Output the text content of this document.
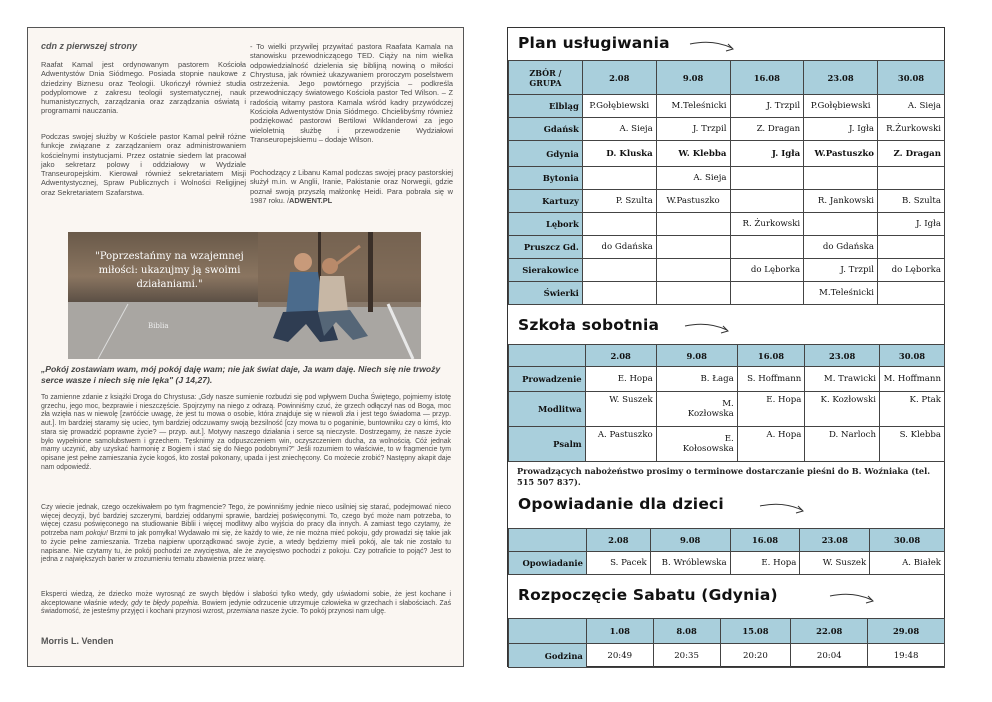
cdn z pierwszej strony
Raafat Kamal jest ordynowanym pastorem Kościoła Adwentystów Dnia Siódmego. Posiada stopnie naukowe z dziedziny Biznesu oraz Teologii. Ukończył również studia podyplomowe z zakresu teologii systematycznej, nauk humanistycznych, zarządzania oraz zarządzania oświatą i programami nauczania.
Podczas swojej służby w Kościele pastor Kamal pełnił różne funkcje związane z zarządzaniem oraz administrowaniem kościelnymi instytucjami. Przez ostatnie siedem lat pracował jako sekretarz polowy i oddziałowy w Wydziale Transeuropejskim. Kierował również sekretariatem Misji Adwentystycznej, Spraw Publicznych i Wolności Religijnej oraz Sekretariatem Szafarstwa.
- To wielki przywilej przywitać pastora Raafata Kamala na stanowisku przewodniczącego TED. Ciąży na nim wielka odpowiedzialność dzielenia się biblijną nowiną o miłości Chrystusa, jak również ukazywaniem proroczym poselstwem ostrzeżenia. Jego powtórnego przyjścia – podkreśla przewodniczący światowego Kościoła pastor Ted Wilson. – Z radością witamy pastora Kamala wśród kadry przywódczej Kościoła Adwentystów Dnia Siódmego. Chcielibyśmy również podziękować pastorowi Bertilowi Wiklanderowi za jego wieloletnią służbę i przewodzenie Wydziałowi Transeuropejskiemu – dodaje Wilson.
Pochodzący z Libanu Kamal podczas swojej pracy pastorskiej służył m.in. w Anglii, Iranie, Pakistanie oraz Norwegii, gdzie poznał swoją przyszłą małżonkę Heidi. Para pobrała się w 1987 roku. /ADWENT.PL
"Poprzestańmy na wzajemnej miłości: ukazujmy ją swoimi działaniami."
Biblia
„Pokój zostawiam wam, mój pokój daję wam; nie jak świat daje, Ja wam daję. Niech się nie trwoży serce wasze i niech się nie lęka" (J 14,27).
To zamienne zdanie z książki Droga do Chrystusa: „Gdy nasze sumienie rozbudzi się pod wpływem Ducha Świętego, pojmiemy istotę grzechu, jego moc, bezprawie i nieszczęście. Spojrzymy na niego z odrazą. Powinniśmy czuć, że grzech odłączył nas od Boga, moc zła wzięła nas w niewolę [zwróćcie uwagę, że jest tu mowa o osobie, która znajduje się w niewoli zła i jest tego świadoma — przyp. aut.]. Im bardziej staramy się uciec, tym bardziej odczuwamy swoją bezsilność [czy mowa tu o poganinie, buntowniku czy o kimś, kto stara się prowadzić poprawne życie? — przyp. aut.]. Motywy naszego działania i serce są nieczyste. Dostrzegamy, że nasze życie było wypełnione samolubstwem i grzechem. Tęsknimy za odpuszczeniem win, oczyszczeniem ducha, za wolnością. Cóż jednak mamy uczynić, aby uzyskać harmonię z Bogiem i stać się do Niego podobnymi?" Jeśli rozumiem to właściwie, to w fragmencie tym opisane jest pełne zamieszania życie kogoś, kto został pokonany, upada i jest zniechęcony. Co możecie zrobić? Następny akapit daje nam odpowiedź.
Czy wiecie jednak, czego oczekiwałem po tym fragmencie? Tego, że powinniśmy jednie nieco usilniej się starać, podejmować nieco więcej decyzji, być bardziej szczerymi, bardziej oddanymi sprawie, bardziej poświęconymi. To, czego być może nam potrzeba, to więcej czasu poświęconego na studiowanie Biblii i więcej modlitwy albo wyjścia do pracy dla innych. A zamiast tego czytamy, że potrzeba nam pokoju! Brzmi to jak pomyłka! Wydawało mi się, że każdy to wie, że nie można mieć pokoju, gdy prowadzi się takie jak to życie pełne zamieszania. Trzeba najpierw uporządkować swoje życie, a wtedy będziemy mieli pokój, ale tak nie zostało tu napisane. Nie czytamy tu, że pokój pochodzi ze zwycięstwa, ale że zwycięstwo pochodzi z pokoju. Czy potraficie to pojąć? Jest to jedna z największych barier w zrozumieniu tematu zbawienia przez wiarę.
Eksperci wiedzą, że dziecko może wyrosnąć ze swych błędów i słabości tylko wtedy, gdy uświadomi sobie, że jest kochane i akceptowane właśnie wtedy, gdy te błędy popełnia. Bowiem jedynie odrzucenie utrzymuje człowieka w grzechach i słabościach. Zaś świadomość, że jesteśmy przyjęci i kochani przynosi wzrost, przemiana nasze życie. To pokój przynosi nam ulgę.
Morris L. Venden
Plan usługiwania
ZBÓR / GRUPA	2.08	9.08	16.08	23.08	30.08
Elbląg	P.Gołębiewski	M.Teleśnicki	J. Trzpil	P.Gołębiewski	A. Sieja
Gdańsk	A. Sieja	J. Trzpil	Z. Dragan	J. Igła	R.Żurkowski
Gdynia	D. Kluska	W. Klebba	J. Igła	W.Pastuszko	Z. Dragan
Bytonia		A. Sieja			
Kartuzy	P. Szulta	W.Pastuszko		R. Jankowski	B. Szulta
Lębork			R. Żurkowski		J. Igła
Pruszcz Gd.	do Gdańska			do Gdańska	
Sierakowice			do Lęborka	J. Trzpil	do Lęborka
Świerki				M.Teleśnicki	
Szkoła sobotnia
	2.08	9.08	16.08	23.08	30.08
Prowadzenie	E. Hopa	B. Łaga	S. Hoffmann	M. Trawicki	M. Hoffmann
Modlitwa	W. Suszek	M. Kozłowska	E. Hopa	K. Kozłowski	K. Ptak
Psalm	A. Pastuszko	E. Kołosowska	A. Hopa	D. Narloch	S. Klebba
Prowadzących nabożeństwo prosimy o terminowe dostarczanie pieśni do B. Woźniaka (tel. 515 507 837).
Opowiadanie dla dzieci
	2.08	9.08	16.08	23.08	30.08
Opowiadanie	S. Pacek	B. Wróblewska	E. Hopa	W. Suszek	A. Białek
Rozpoczęcie Sabatu (Gdynia)
	1.08	8.08	15.08	22.08	29.08
Godzina	20:49	20:35	20:20	20:04	19:48
